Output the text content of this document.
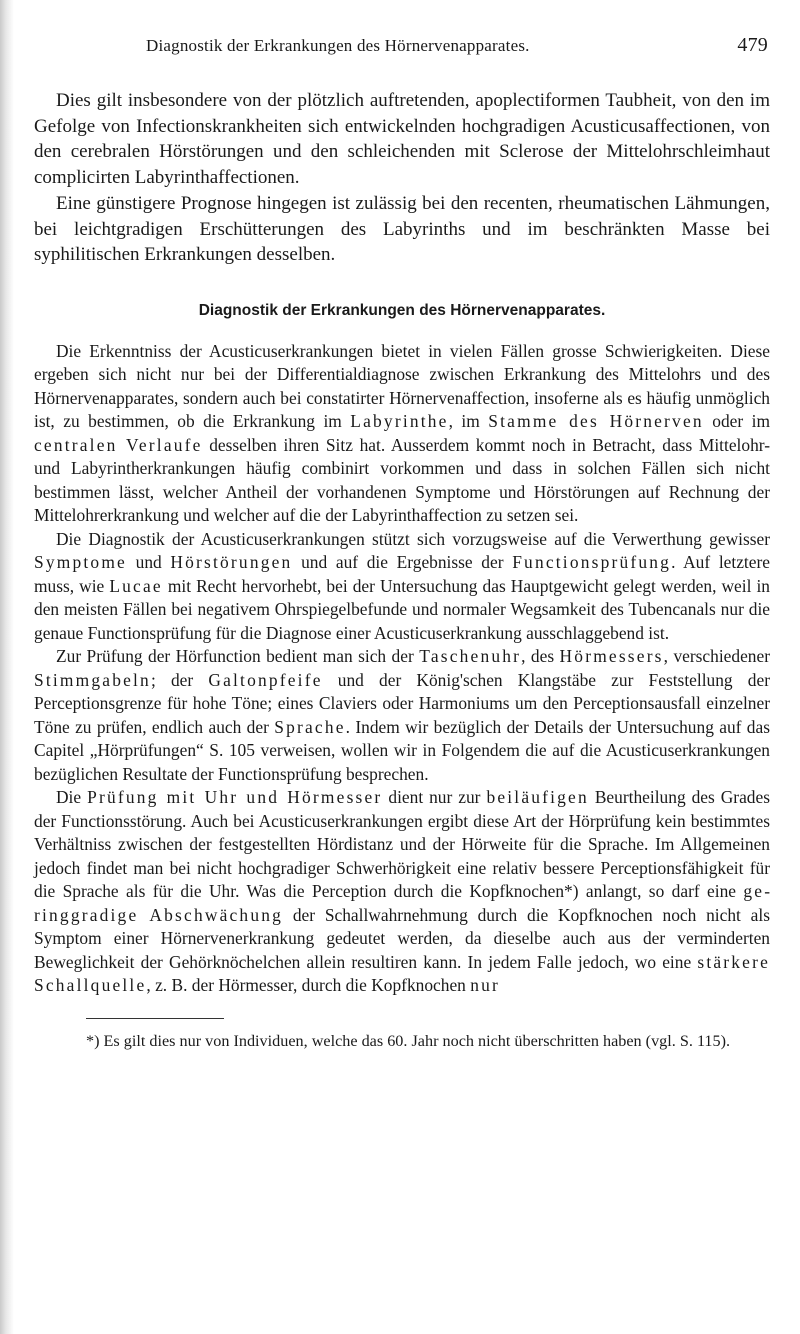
Diagnostik der Erkrankungen des Hörnervenapparates.	479

Dies gilt insbesondere von der plötzlich auftretenden, apoplectiformen Taubheit, von den im Gefolge von Infectionskrankheiten sich entwickelnden hochgradigen Acusticusaffectionen, von den cerebralen Hörstörungen und den schleichenden mit Sclerose der Mittelohrschleimhaut complicirten Labyrinthaffectionen.

Eine günstigere Prognose hingegen ist zulässig bei den recenten, rheumatischen Lähmungen, bei leichtgradigen Erschütterungen des Labyrinths und im beschränkten Masse bei syphilitischen Erkrankungen desselben.

Diagnostik der Erkrankungen des Hörnervenapparates.

Die Erkenntniss der Acusticuserkrankungen bietet in vielen Fällen grosse Schwierigkeiten. Diese ergeben sich nicht nur bei der Differentialdiagnose zwischen Erkrankung des Mittelohrs und des Hörnervenapparates, sondern auch bei constatirter Hörnervenaffection, insoferne als es häufig unmöglich ist, zu bestimmen, ob die Erkrankung im Labyrinthe, im Stamme des Hörnerven oder im centralen Verlaufe desselben ihren Sitz hat. Ausserdem kommt noch in Betracht, dass Mittelohr- und Labyrintherkrankungen häufig combinirt vorkommen und dass in solchen Fällen sich nicht bestimmen lässt, welcher Antheil der vorhandenen Symptome und Hörstörungen auf Rechnung der Mittelohrerkrankung und welcher auf die der Labyrinthaffection zu setzen sei.

Die Diagnostik der Acusticuserkrankungen stützt sich vorzugsweise auf die Verwerthung gewisser Symptome und Hörstörungen und auf die Ergebnisse der Functionsprüfung. Auf letztere muss, wie Lucae mit Recht hervorhebt, bei der Untersuchung das Hauptgewicht gelegt werden, weil in den meisten Fällen bei negativem Ohrspiegelbefunde und normaler Wegsamkeit des Tubencanals nur die genaue Functionsprüfung für die Diagnose einer Acusticuserkrankung ausschlaggebend ist.

Zur Prüfung der Hörfunction bedient man sich der Taschenuhr, des Hörmessers, verschiedener Stimmgabeln; der Galtonpfeife und der König'schen Klangstäbe zur Feststellung der Perceptionsgrenze für hohe Töne; eines Claviers oder Harmoniums um den Perceptionsausfall einzelner Töne zu prüfen, endlich auch der Sprache. Indem wir bezüglich der Details der Untersuchung auf das Capitel „Hörprüfungen“ S. 105 verweisen, wollen wir in Folgendem die auf die Acusticuserkrankungen bezüglichen Resultate der Functionsprüfung besprechen.

Die Prüfung mit Uhr und Hörmesser dient nur zur beiläufigen Beurtheilung des Grades der Functionsstörung. Auch bei Acusticuserkrankungen ergibt diese Art der Hörprüfung kein bestimmtes Verhältniss zwischen der festgestellten Hördistanz und der Hörweite für die Sprache. Im Allgemeinen jedoch findet man bei nicht hochgradiger Schwerhörigkeit eine relativ bessere Perceptionsfähigkeit für die Sprache als für die Uhr. Was die Perception durch die Kopfknochen*) anlangt, so darf eine geringgradige Abschwächung der Schallwahrnehmung durch die Kopfknochen noch nicht als Symptom einer Hörnervenerkrankung gedeutet werden, da dieselbe auch aus der verminderten Beweglichkeit der Gehörknöchelchen allein resultiren kann. In jedem Falle jedoch, wo eine stärkere Schallquelle, z. B. der Hörmesser, durch die Kopfknochen nur

*) Es gilt dies nur von Individuen, welche das 60. Jahr noch nicht überschritten haben (vgl. S. 115).
